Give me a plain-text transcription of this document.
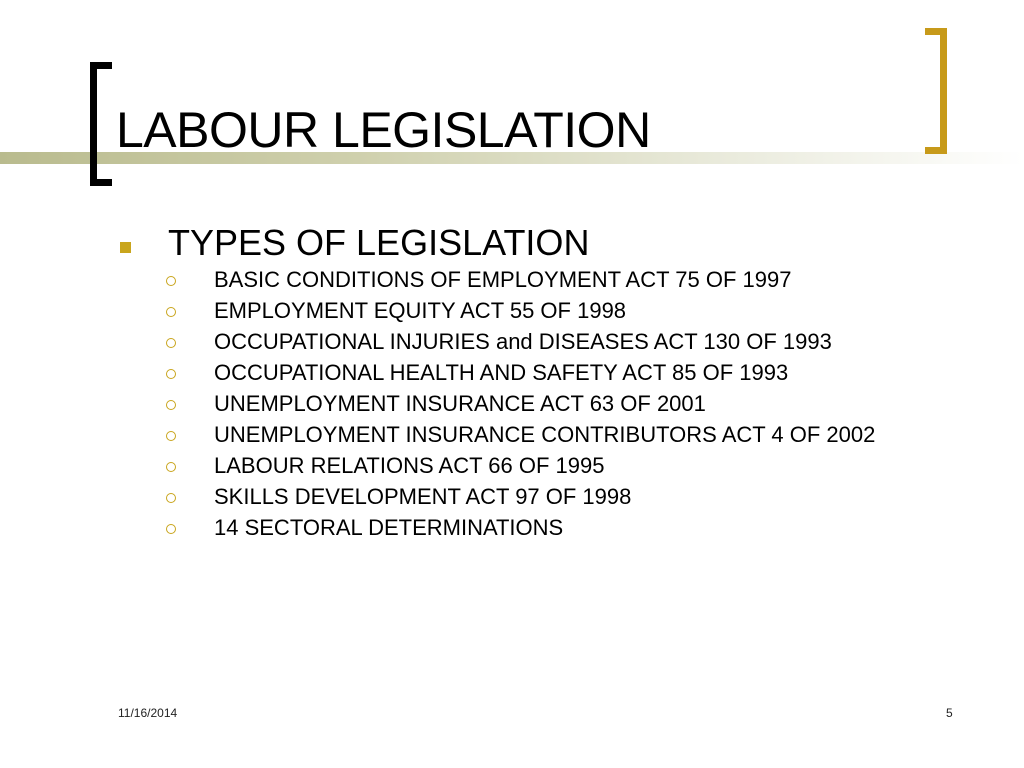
LABOUR LEGISLATION
TYPES OF LEGISLATION
BASIC CONDITIONS OF EMPLOYMENT ACT 75 OF 1997
EMPLOYMENT EQUITY ACT 55 OF 1998
OCCUPATIONAL INJURIES and DISEASES ACT 130 OF 1993
OCCUPATIONAL HEALTH AND SAFETY ACT 85 OF 1993
UNEMPLOYMENT INSURANCE ACT 63 OF 2001
UNEMPLOYMENT INSURANCE CONTRIBUTORS ACT 4 OF 2002
LABOUR RELATIONS ACT 66 OF 1995
SKILLS DEVELOPMENT ACT 97 OF 1998
14 SECTORAL DETERMINATIONS
11/16/2014	5
